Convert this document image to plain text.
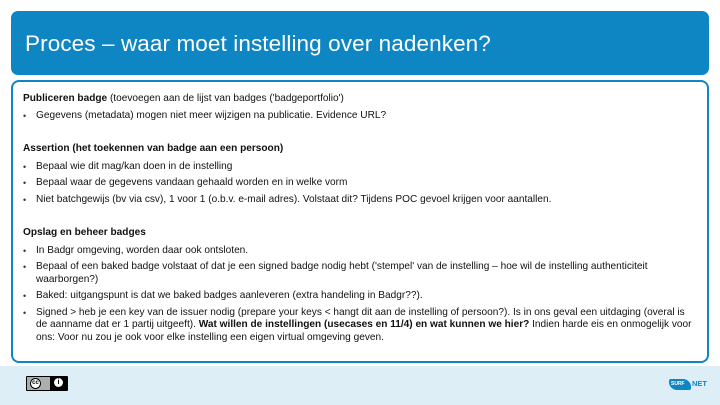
Proces – waar moet instelling over nadenken?

Publiceren badge (toevoegen aan de lijst van badges ('badgeportfolio')

• Gegevens (metadata) mogen niet meer wijzigen na publicatie. Evidence URL?

Assertion (het toekennen van badge aan een persoon)

• Bepaal wie dit mag/kan doen in de instelling
• Bepaal waar de gegevens vandaan gehaald worden en in welke vorm
• Niet batchgewijs (bv via csv), 1 voor 1 (o.b.v. e-mail adres). Volstaat dit? Tijdens POC gevoel krijgen voor aantallen.

Opslag en beheer badges

• In Badgr omgeving, worden daar ook ontsloten.
• Bepaal of een baked badge volstaat of dat je een signed badge nodig hebt ('stempel' van de instelling – hoe wil de instelling authenticiteit waarborgen?)
• Baked: uitgangspunt is dat we baked badges aanleveren (extra handeling in Badgr??).
• Signed > heb je een key van de issuer nodig (prepare your keys < hangt dit aan de instelling of persoon?). Is in ons geval een uitdaging (overal is de aanname dat er 1 partij uitgeeft). Wat willen de instellingen (usecases en 11/4) en wat kunnen we hier? Indien harde eis en onmogelijk voor ons: Voor nu zou je ook voor elke instelling een eigen virtual omgeving geven.
cc	i	SURF NET
